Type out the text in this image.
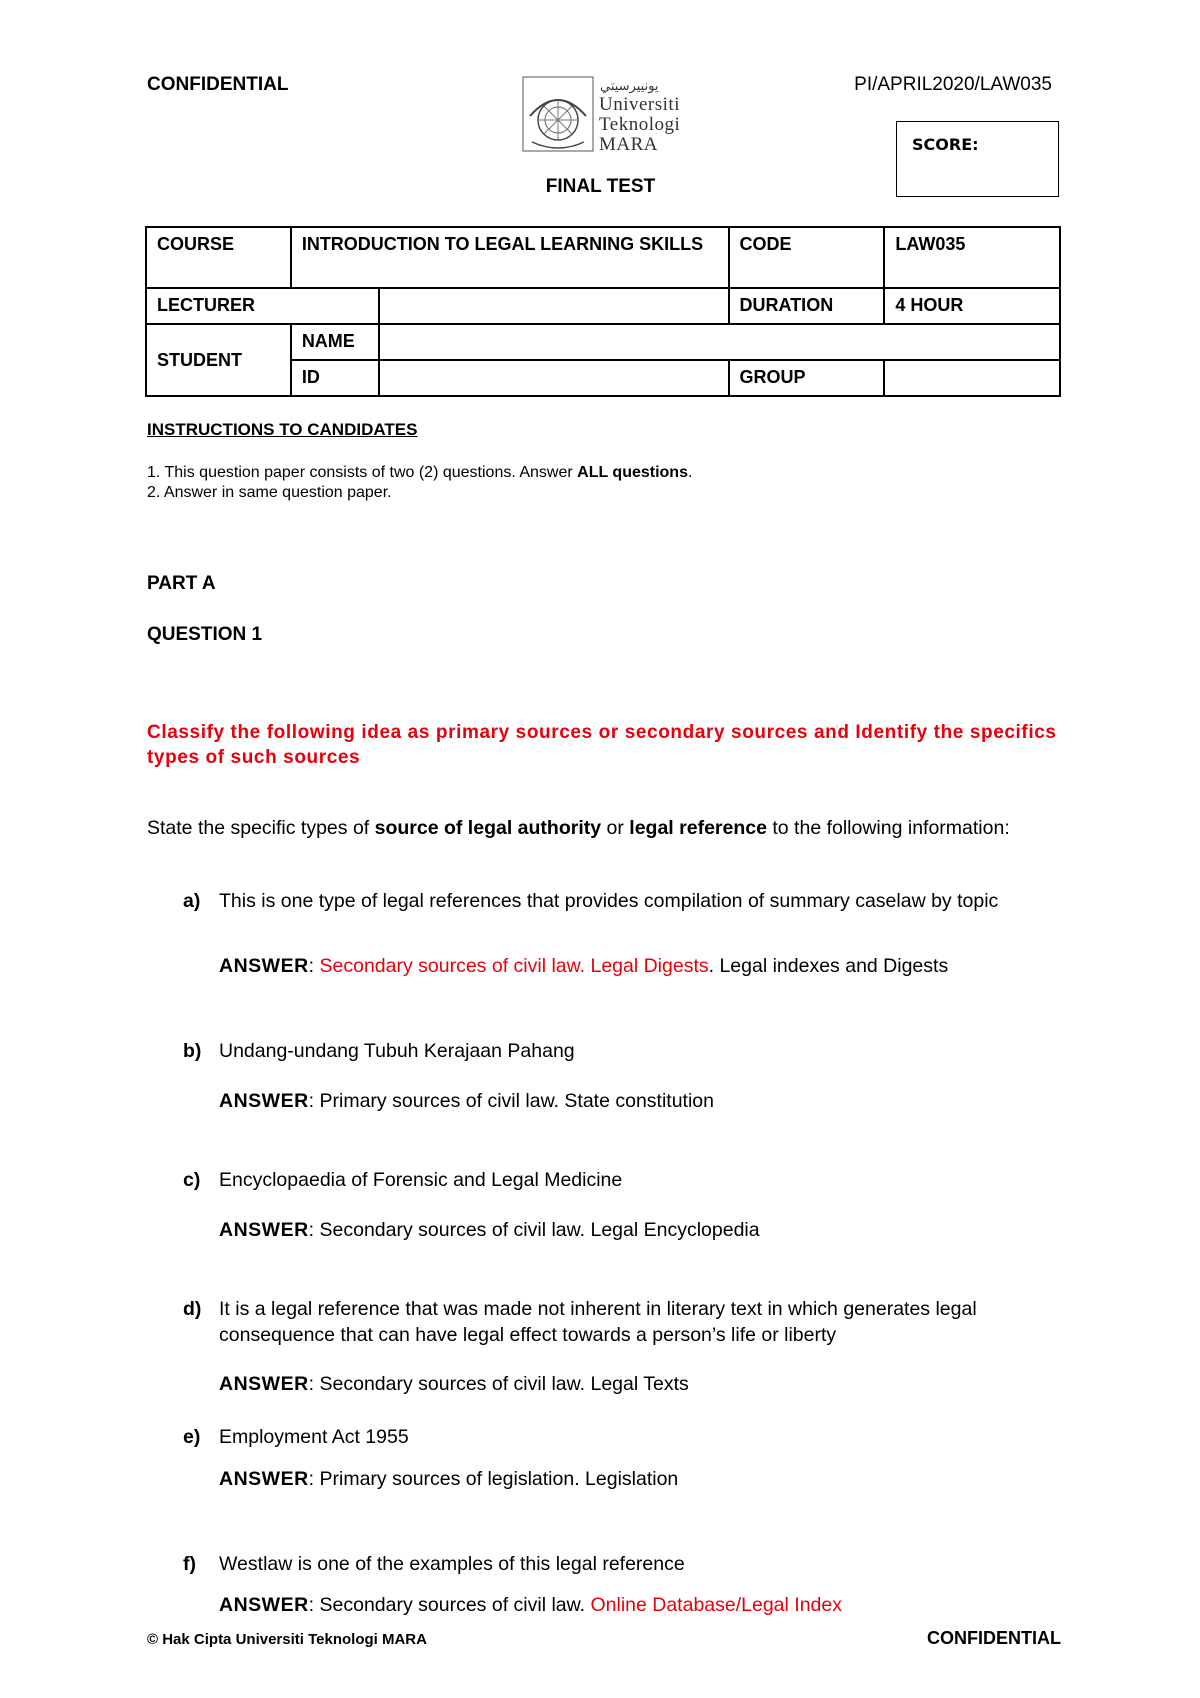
CONFIDENTIAL	PI/APRIL2020/LAW035
ﯾﻮﻧﯿﯿﺮﺳﯿﺘﻲ
Universiti
Teknologi
MARA	SCORE:
FINAL TEST
COURSE	INTRODUCTION TO LEGAL LEARNING SKILLS		CODE	LAW035
LECTURER			DURATION	4 HOUR
STUDENT	NAME			
	ID		GROUP	
INSTRUCTIONS TO CANDIDATES
1. This question paper consists of two (2) questions. Answer ALL questions.
2. Answer in same question paper.
PART A
QUESTION 1
Classify the following idea as primary sources or secondary sources and Identify the specifics types of such sources
State the specific types of source of legal authority or legal reference to the following information:
a) This is one type of legal references that provides compilation of summary caselaw by topic
ANSWER: Secondary sources of civil law. Legal Digests. Legal indexes and Digests
b) Undang-undang Tubuh Kerajaan Pahang
ANSWER: Primary sources of civil law. State constitution
c) Encyclopaedia of Forensic and Legal Medicine
ANSWER: Secondary sources of civil law. Legal Encyclopedia
d) It is a legal reference that was made not inherent in literary text in which generates legal consequence that can have legal effect towards a person’s life or liberty
ANSWER: Secondary sources of civil law. Legal Texts
e) Employment Act 1955
ANSWER: Primary sources of legislation. Legislation
f) Westlaw is one of the examples of this legal reference
ANSWER: Secondary sources of civil law. Online Database/Legal Index
© Hak Cipta Universiti Teknologi MARA	CONFIDENTIAL
